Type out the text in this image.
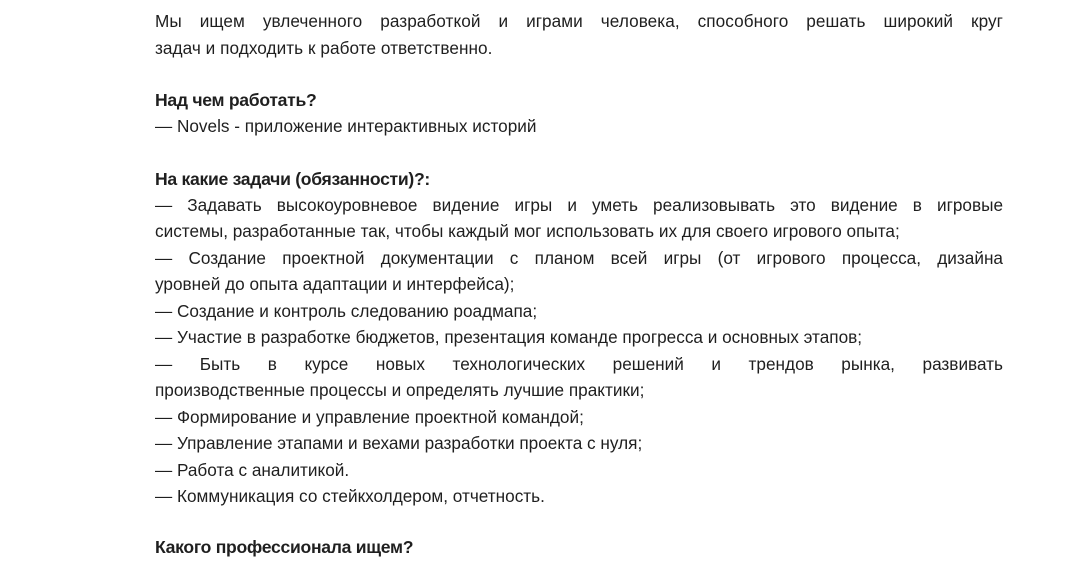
Мы ищем увлеченного разработкой и играми человека, способного решать широкий круг
задач и подходить к работе ответственно.

Над чем работать?

— Novels - приложение интерактивных историй

На какие задачи (обязанности)?:

— Задавать высокоуровневое видение игры и уметь реализовывать это видение в игровые
системы, разработанные так, чтобы каждый мог использовать их для своего игрового опыта;

— Создание проектной документации с планом всей игры (от игрового процесса, дизайна
уровней до опыта адаптации и интерфейса);

— Создание и контроль следованию роадмапа;

— Участие в разработке бюджетов, презентация команде прогресса и основных этапов;

— Быть в курсе новых технологических решений и трендов рынка, развивать
производственные процессы и определять лучшие практики;

— Формирование и управление проектной командой;

— Управление этапами и вехами разработки проекта с нуля;

— Работа с аналитикой.

— Коммуникация со стейкхолдером, отчетность.

Какого профессионала ищем?
